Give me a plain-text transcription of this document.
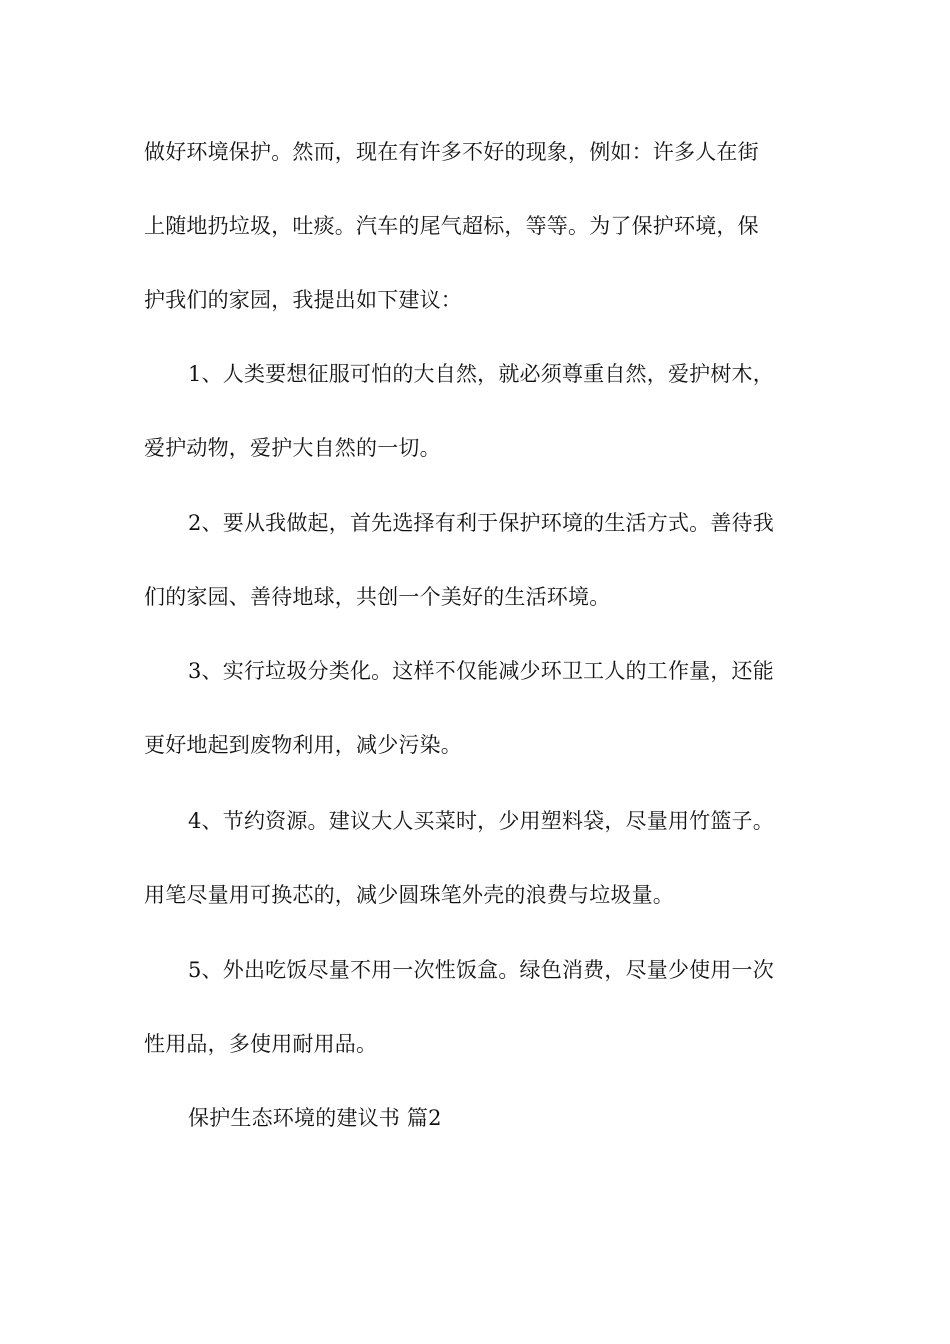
做好环境保护。然而，现在有许多不好的现象，例如：许多人在街
上随地扔垃圾，吐痰。汽车的尾气超标，等等。为了保护环境，保
护我们的家园，我提出如下建议：
1、人类要想征服可怕的大自然，就必须尊重自然，爱护树木，
爱护动物，爱护大自然的一切。
2、要从我做起，首先选择有利于保护环境的生活方式。善待我
们的家园、善待地球，共创一个美好的生活环境。
3、实行垃圾分类化。这样不仅能减少环卫工人的工作量，还能
更好地起到废物利用，减少污染。
4、节约资源。建议大人买菜时，少用塑料袋，尽量用竹篮子。
用笔尽量用可换芯的，减少圆珠笔外壳的浪费与垃圾量。
5、外出吃饭尽量不用一次性饭盒。绿色消费，尽量少使用一次
性用品，多使用耐用品。
保护生态环境的建议书 篇2
